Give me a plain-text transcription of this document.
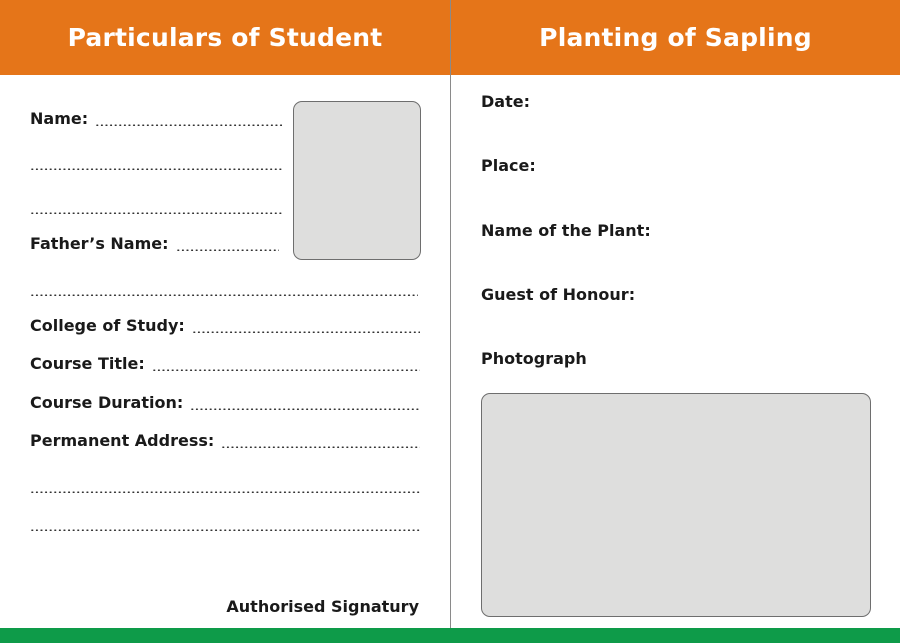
Particulars of Student
Name:
Father’s Name:
College of Study:
Course Title:
Course Duration:
Permanent Address:
Authorised Signatury
Planting of Sapling
Date:
Place:
Name of the Plant:
Guest of Honour:
Photograph
